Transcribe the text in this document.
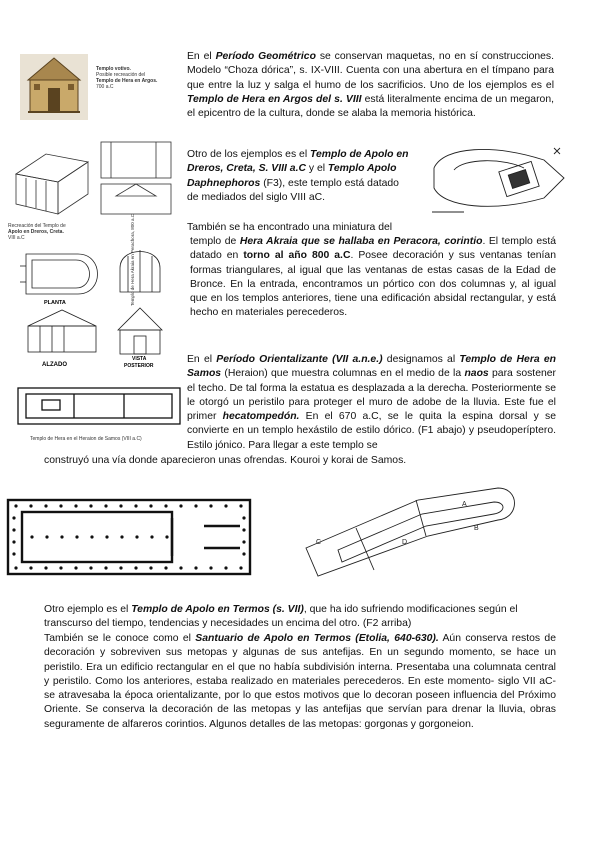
Templo votivo.
Posible recreación del
Templo de Hera en Argos.
700 a.C
Recreación del Templo de
Apolo en Dreros, Creta.
VIII a.C
PLANTA
ALZADO
VISTA
POSTERIOR
Templo de Hera Akraia en Perachora, 800 a.C
Templo de Hera en el Heraion de Samos (VIII a.C)
A
B
C	D
En el Período Geométrico se conservan maquetas, no en sí construcciones. Modelo “Choza dórica”, s. IX-VIII. Cuenta con una abertura en el tímpano para que entre la luz y salga el humo de los sacrificios. Uno de los ejemplos es el Templo de Hera en Argos del s. VIII está literalmente encima de un megaron, el epicentro de la cultura, donde se alaba la memoria histórica.
Otro de los ejemplos es el Templo de Apolo en Dreros, Creta, S. VIII a.C y el Templo Apolo Daphnephoros (F3), este templo está datado de mediados del siglo VIII aC.
También se ha encontrado una miniatura del
templo de Hera Akraia que se hallaba en Peracora, corintio. El templo está datado en torno al año 800 a.C. Posee decoración y sus ventanas tenían formas triangulares, al igual que las ventanas de estas casas de la Edad de Bronce. En la entrada, encontramos un pórtico con dos columnas y, al igual que en los templos anteriores, tiene una edificación absidal rectangular, y está hecho en materiales perecederos.
En el Período Orientalizante (VII a.n.e.) designamos al Templo de Hera en Samos (Heraion) que muestra columnas en el medio de la naos para sostener el techo. De tal forma la estatua es desplazada a la derecha. Posteriormente se le otorgó un peristilo para proteger el muro de adobe de la lluvia. Este fue el primer hecatompedón. En el 670 a.C, se le quita la espina dorsal y se convierte en un templo hexástilo de estilo dórico. (F1 abajo) y pseudoperíptero. Estilo jónico. Para llegar a este templo se
construyó una vía donde aparecieron unas ofrendas. Kouroi y korai de Samos.
Otro ejemplo es el Templo de Apolo en Termos (s. VII), que ha ido sufriendo modificaciones según el transcurso del tiempo, tendencias y necesidades un encima del otro. (F2 arriba)
También se le conoce como el Santuario de Apolo en Termos (Etolia, 640-630). Aún conserva restos de decoración y sobreviven sus metopas y algunas de sus antefijas. En un segundo momento, se hace un peristilo. Era un edificio rectangular en el que no había subdivisión interna. Presentaba una columnata central y peristilo. Como los anteriores, estaba realizado en materiales perecederos. En este momento- siglo VII aC- se atravesaba la época orientalizante, por lo que estos motivos que lo decoran poseen influencia del Próximo Oriente. Se conserva la decoración de las metopas y las antefijas que servían para drenar la lluvia, obras seguramente de alfareros corintios. Algunos detalles de las metopas: gorgonas y gorgoneion.
